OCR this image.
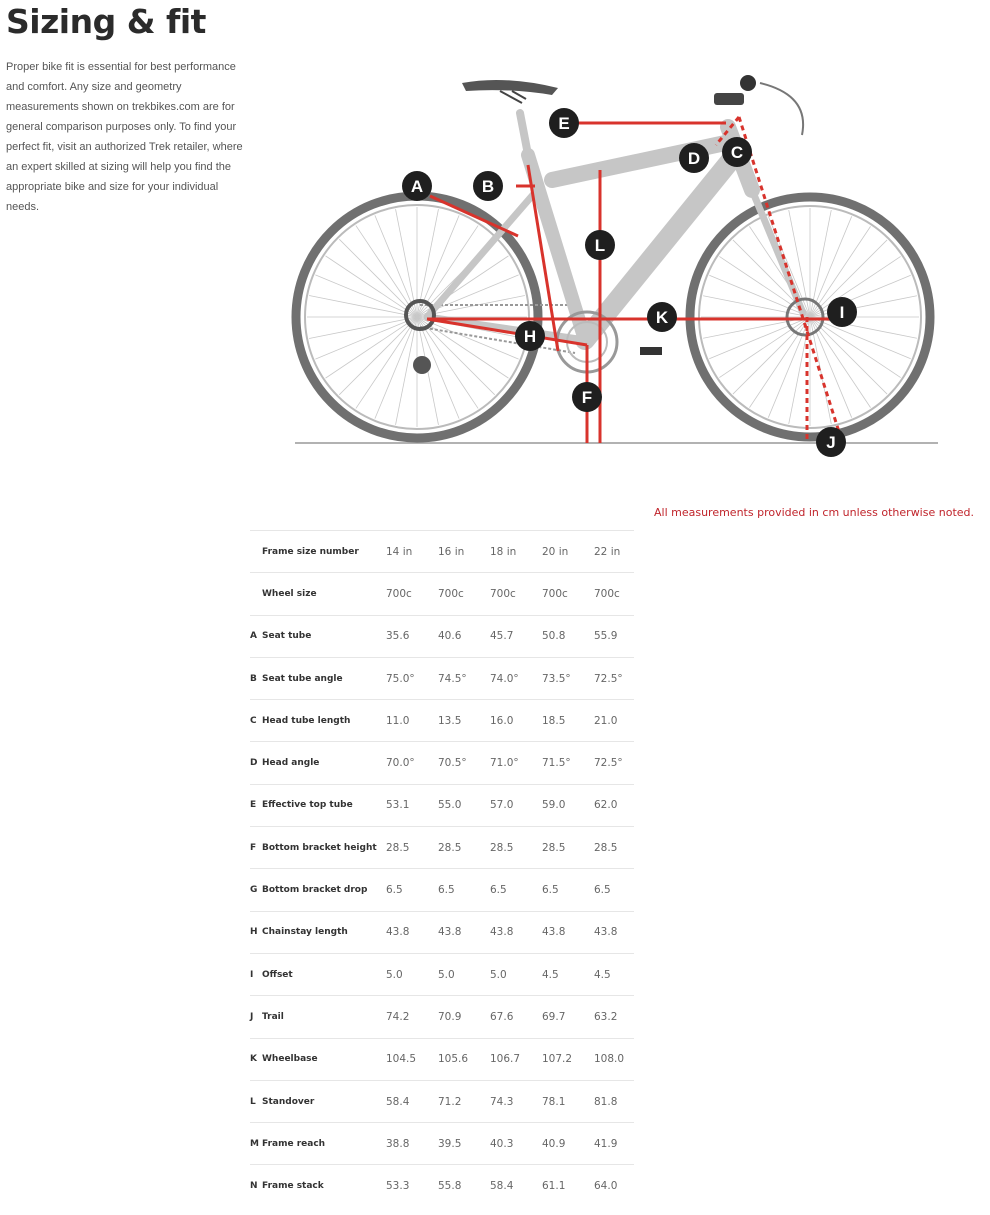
Sizing & fit

Proper bike fit is essential for best performance and comfort. Any size and geometry measurements shown on trekbikes.com are for general comparison purposes only. To find your perfect fit, visit an authorized Trek retailer, where an expert skilled at sizing will help you find the appropriate bike and size for your individual needs.

A	B
C
D
E
F
H
I
J
K
L
All measurements provided in cm unless otherwise noted.
	Frame size number	14 in	16 in	18 in	20 in	22 in
	Wheel size	700c	700c	700c	700c	700c
A	Seat tube	35.6	40.6	45.7	50.8	55.9
B	Seat tube angle	75.0°	74.5°	74.0°	73.5°	72.5°
C	Head tube length	11.0	13.5	16.0	18.5	21.0
D	Head angle	70.0°	70.5°	71.0°	71.5°	72.5°
E	Effective top tube	53.1	55.0	57.0	59.0	62.0
F	Bottom bracket height	28.5	28.5	28.5	28.5	28.5
G	Bottom bracket drop	6.5	6.5	6.5	6.5	6.5
H	Chainstay length	43.8	43.8	43.8	43.8	43.8
I	Offset	5.0	5.0	5.0	4.5	4.5
J	Trail	74.2	70.9	67.6	69.7	63.2
K	Wheelbase	104.5	105.6	106.7	107.2	108.0
L	Standover	58.4	71.2	74.3	78.1	81.8
M	Frame reach	38.8	39.5	40.3	40.9	41.9
N	Frame stack	53.3	55.8	58.4	61.1	64.0
